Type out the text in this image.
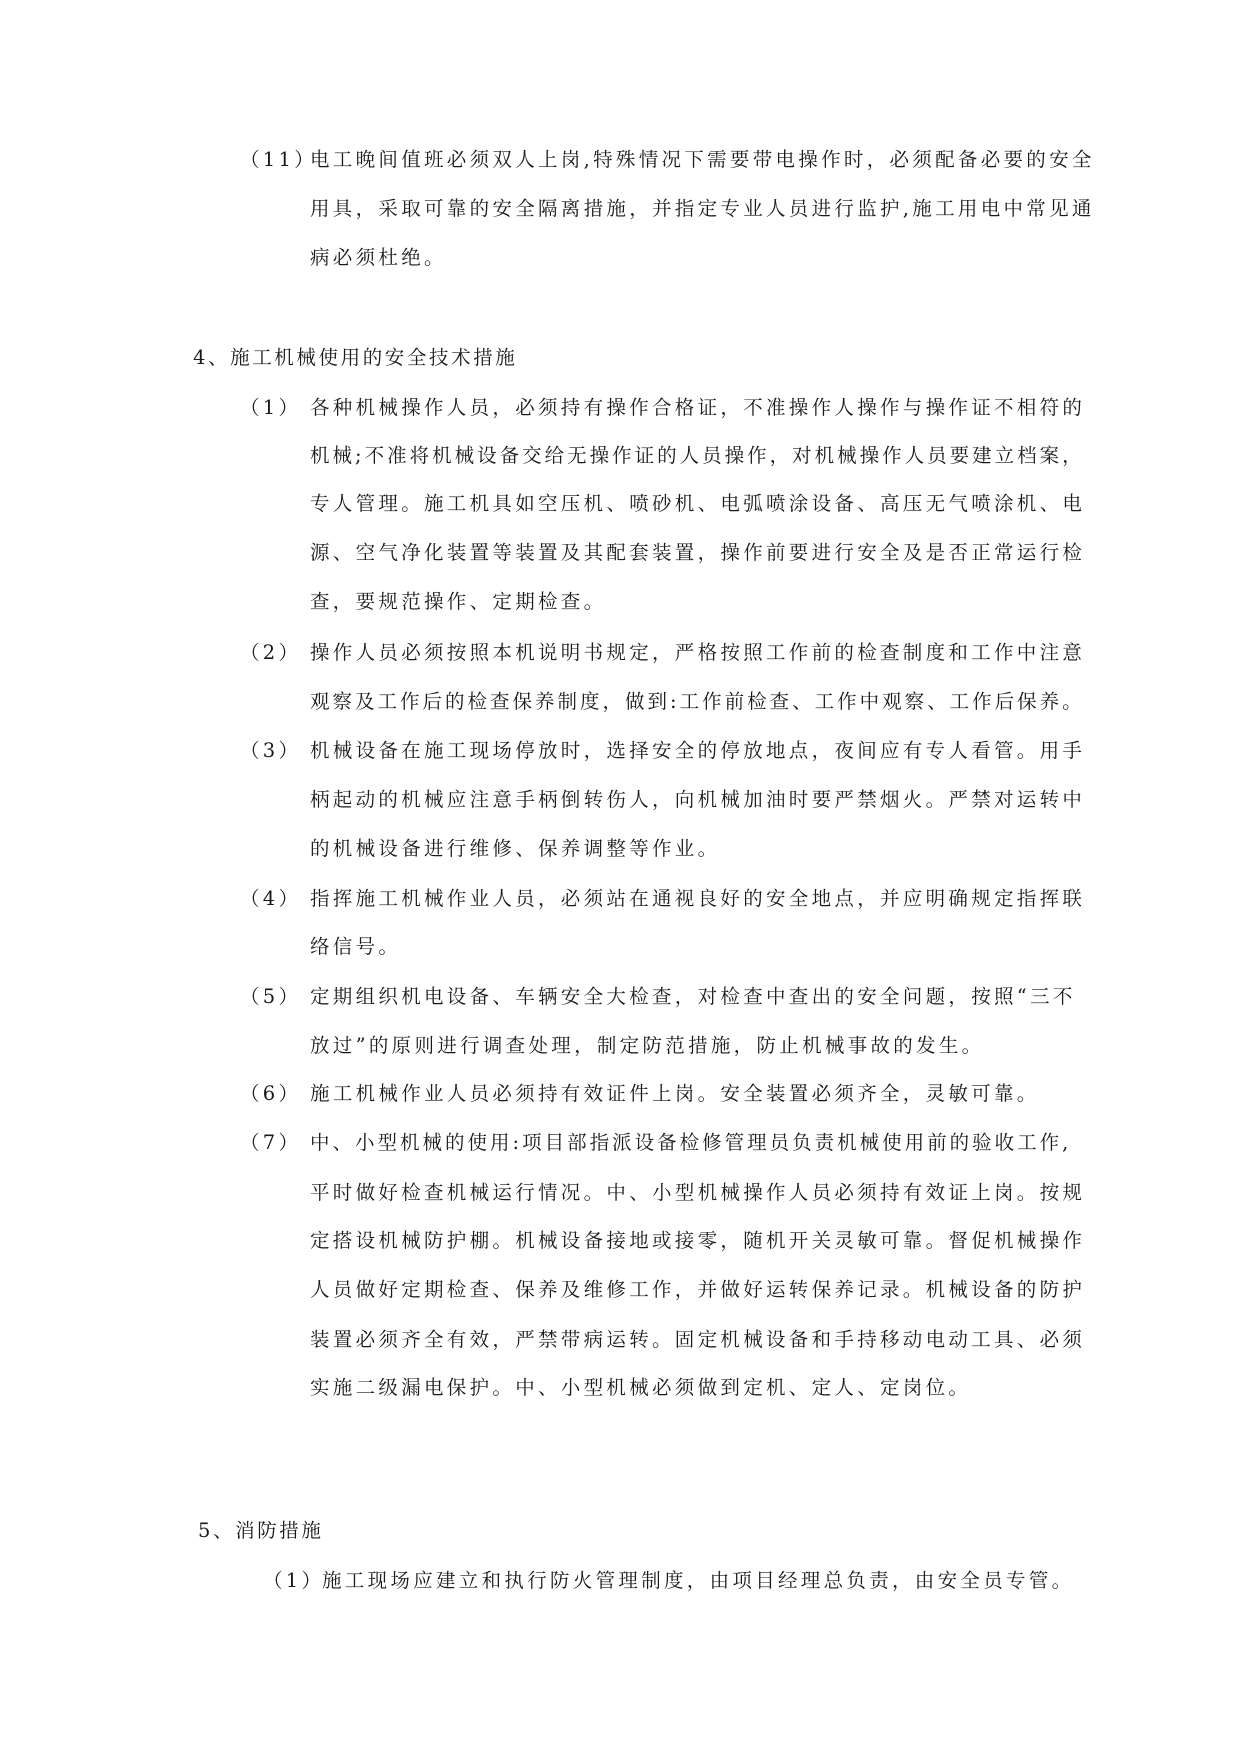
（11）
电工晚间值班必须双人上岗,特殊情况下需要带电操作时，必须配备必要的安全
用具，采取可靠的安全隔离措施，并指定专业人员进行监护,施工用电中常见通
病必须杜绝。
4、施工机械使用的安全技术措施
（1） 各种机械操作人员，必须持有操作合格证，不准操作人操作与操作证不相符的
机械;不准将机械设备交给无操作证的人员操作，对机械操作人员要建立档案，
专人管理。施工机具如空压机、喷砂机、电弧喷涂设备、高压无气喷涂机、电
源、空气净化装置等装置及其配套装置，操作前要进行安全及是否正常运行检
查，要规范操作、定期检查。
（2） 操作人员必须按照本机说明书规定，严格按照工作前的检查制度和工作中注意
观察及工作后的检查保养制度，做到:工作前检查、工作中观察、工作后保养。
（3） 机械设备在施工现场停放时，选择安全的停放地点，夜间应有专人看管。用手
柄起动的机械应注意手柄倒转伤人，向机械加油时要严禁烟火。严禁对运转中
的机械设备进行维修、保养调整等作业。
（4） 指挥施工机械作业人员，必须站在通视良好的安全地点，并应明确规定指挥联
络信号。
（5） 定期组织机电设备、车辆安全大检查，对检查中查出的安全问题，按照“三不
放过”的原则进行调查处理，制定防范措施，防止机械事故的发生。
（6） 施工机械作业人员必须持有效证件上岗。安全装置必须齐全，灵敏可靠。
（7） 中、小型机械的使用:项目部指派设备检修管理员负责机械使用前的验收工作,
平时做好检查机械运行情况。中、小型机械操作人员必须持有效证上岗。按规
定搭设机械防护棚。机械设备接地或接零，随机开关灵敏可靠。督促机械操作
人员做好定期检查、保养及维修工作，并做好运转保养记录。机械设备的防护
装置必须齐全有效，严禁带病运转。固定机械设备和手持移动电动工具、必须
实施二级漏电保护。中、小型机械必须做到定机、定人、定岗位。
5、消防措施
（1）
施工现场应建立和执行防火管理制度，由项目经理总负责，由安全员专管。
